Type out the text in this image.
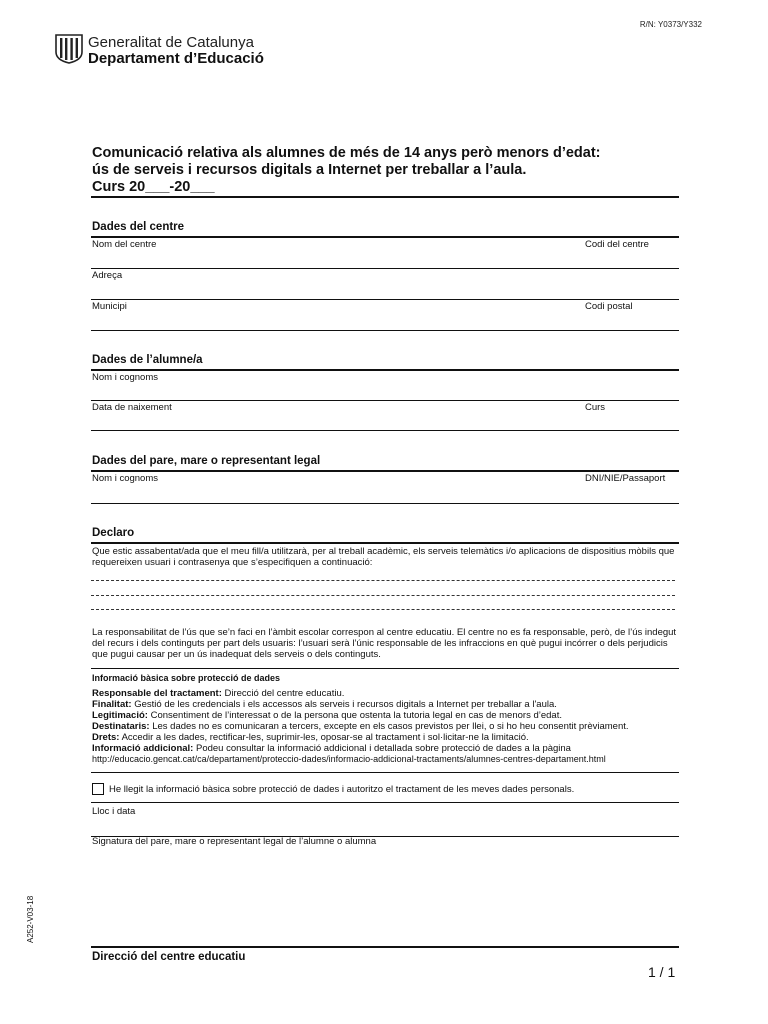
R/N: Y0373/Y332
Generalitat de Catalunya
Departament d’Educació
Comunicació relativa als alumnes de més de 14 anys però menors d’edat:
ús de serveis i recursos digitals a Internet per treballar a l’aula.
Curs 20___-20___
Dades del centre
Nom del centre	Codi del centre
Adreça
Municipi	Codi postal
Dades de l’alumne/a
Nom i cognoms
Data de naixement	Curs
Dades del pare, mare o representant legal
Nom i cognoms	DNI/NIE/Passaport
Declaro
Que estic assabentat/ada que el meu fill/a utilitzarà, per al treball acadèmic, els serveis telemàtics i/o aplicacions de dispositius mòbils que requereixen usuari i contrasenya que s’especifiquen a continuació:
La responsabilitat de l’ús que se’n faci en l’àmbit escolar correspon al centre educatiu. El centre no es fa responsable, però, de l’ús indegut del recurs i dels continguts per part dels usuaris: l’usuari serà l’únic responsable de les infraccions en què pugui incórrer o dels perjudicis que pugui causar per un ús inadequat dels serveis o dels continguts.
Informació bàsica sobre protecció de dades
Responsable del tractament: Direcció del centre educatiu.
Finalitat: Gestió de les credencials i els accessos als serveis i recursos digitals a Internet per treballar a l'aula.
Legitimació: Consentiment de l’interessat o de la persona que ostenta la tutoria legal en cas de menors d’edat.
Destinataris: Les dades no es comunicaran a tercers, excepte en els casos previstos per llei, o si ho heu consentit prèviament.
Drets: Accedir a les dades, rectificar-les, suprimir-les, oposar-se al tractament i sol·licitar-ne la limitació.
Informació addicional: Podeu consultar la informació addicional i detallada sobre protecció de dades a la pàgina
http://educacio.gencat.cat/ca/departament/proteccio-dades/informacio-addicional-tractaments/alumnes-centres-departament.html
He llegit la informació bàsica sobre protecció de dades i autoritzo el tractament de les meves dades personals.
Lloc i data
Signatura del pare, mare o representant legal de l’alumne o alumna
A252-V03-18
Direcció del centre educatiu
1 / 1
